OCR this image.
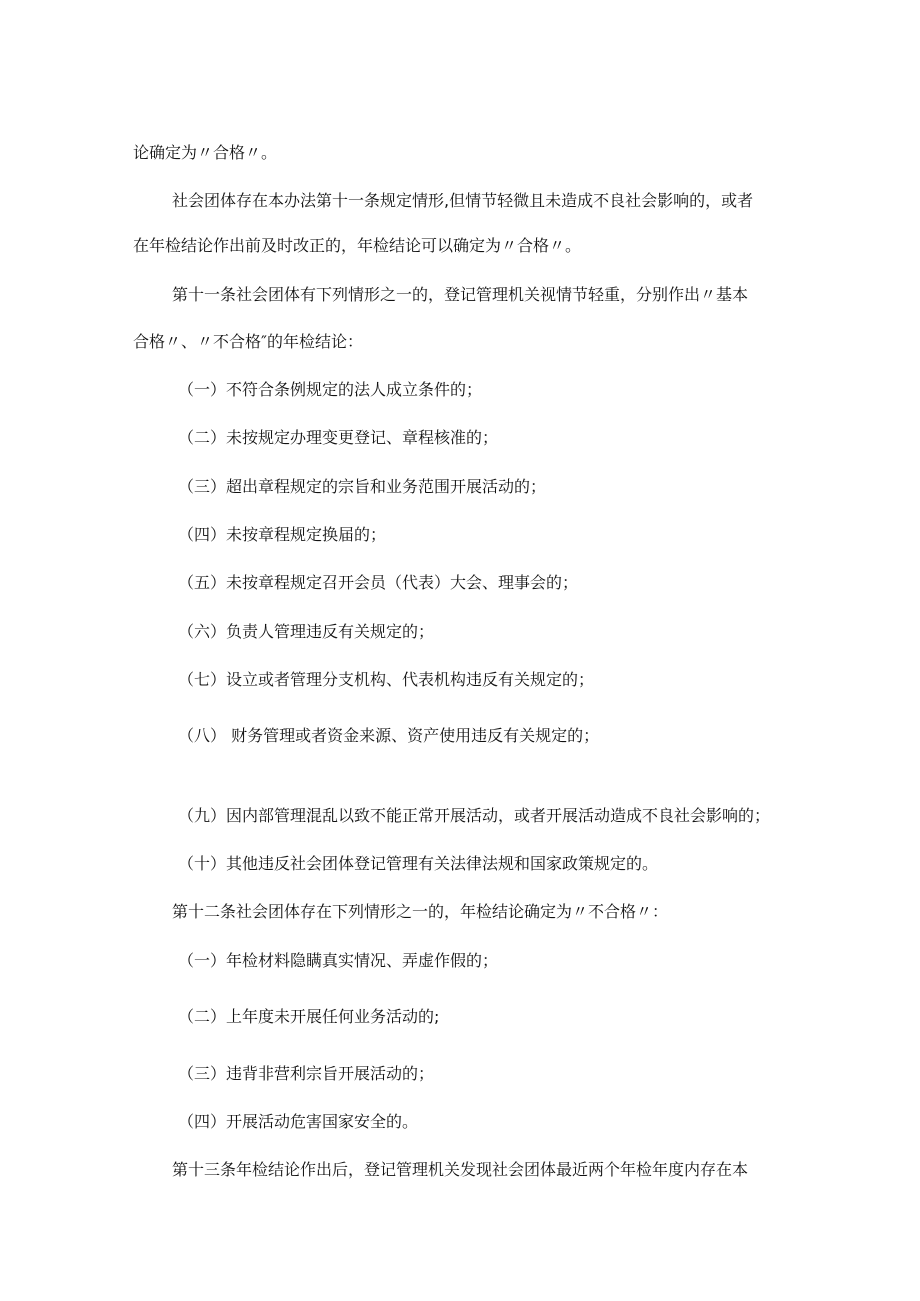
论确定为〃合格〃。
社会团体存在本办法第十一条规定情形,但情节轻微且未造成不良社会影响的，或者
在年检结论作出前及时改正的，年检结论可以确定为〃合格〃。
第十一条社会团体有下列情形之一的，登记管理机关视情节轻重，分别作出〃基本
合格〃、〃不合格″的年检结论：
（一）不符合条例规定的法人成立条件的；
（二）未按规定办理变更登记、章程核准的；
（三）超出章程规定的宗旨和业务范围开展活动的；
（四）未按章程规定换届的；
（五）未按章程规定召开会员（代表）大会、理事会的；
（六）负责人管理违反有关规定的；
（七）设立或者管理分支机构、代表机构违反有关规定的；
（八） 财务管理或者资金来源、资产使用违反有关规定的；
（九）因内部管理混乱以致不能正常开展活动，或者开展活动造成不良社会影响的；
（十）其他违反社会团体登记管理有关法律法规和国家政策规定的。
第十二条社会团体存在下列情形之一的，年检结论确定为〃不合格〃：
（一）年检材料隐瞒真实情况、弄虚作假的；
（二）上年度未开展任何业务活动的;
（三）违背非营利宗旨开展活动的；
（四）开展活动危害国家安全的。
第十三条年检结论作出后，登记管理机关发现社会团体最近两个年检年度内存在本
